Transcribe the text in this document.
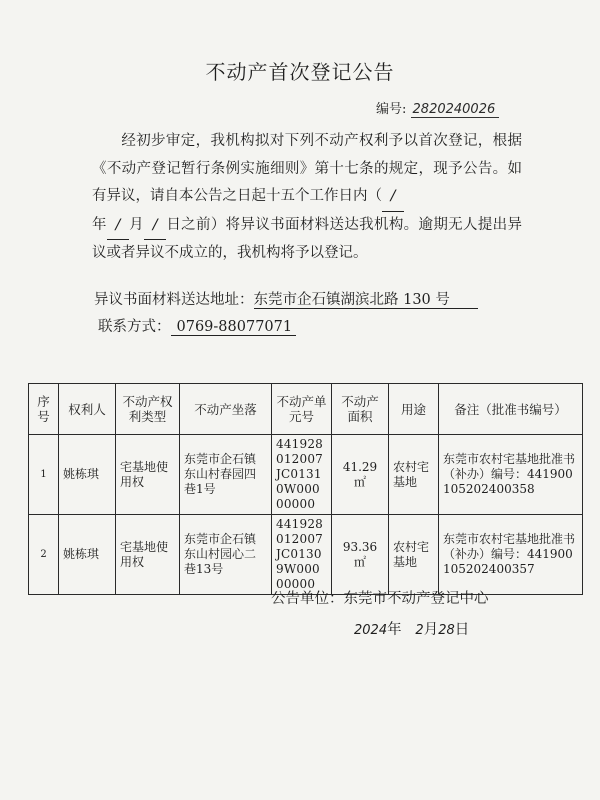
不动产首次登记公告
编号: 2820240026
经初步审定，我机构拟对下列不动产权利予以首次登记，根据《不动产登记暂行条例实施细则》第十七条的规定，现予公告。如有异议，请自本公告之日起十五个工作日内（ /
年 / 月 / 日之前）将异议书面材料送达我机构。逾期无人提出异议或者异议不成立的，我机构将予以登记。
异议书面材料送达地址：东莞市企石镇湖滨北路 130 号
联系方式： 0769-88077071
序号	权利人	不动产权利类型	不动产坐落	不动产单元号	不动产面积	用途	备注（批准书编号）
1	姚栋琪	宅基地使用权	东莞市企石镇东山村春园四巷1号	441928012007JC01310W00000000	41.29 ㎡	农村宅基地	东莞市农村宅基地批准书（补办）编号：441900105202400358
2	姚栋琪	宅基地使用权	东莞市企石镇东山村园心二巷13号	441928012007JC01309W00000000	93.36 ㎡	农村宅基地	东莞市农村宅基地批准书（补办）编号：441900105202400357
公告单位：东莞市不动产登记中心
2024年 2月28日
